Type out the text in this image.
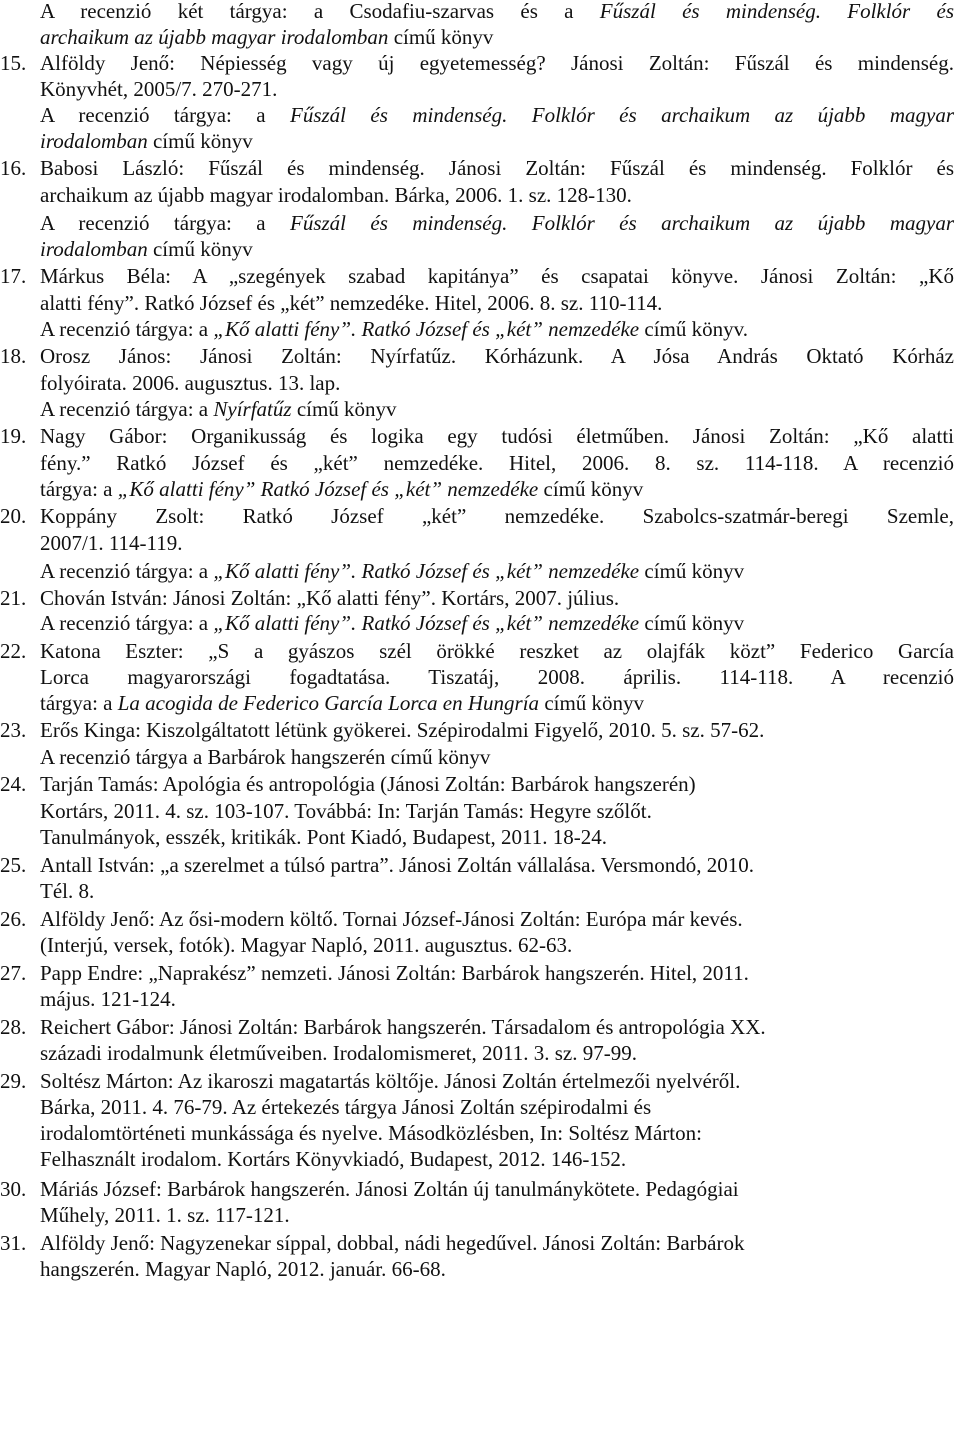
A recenzió két tárgya: a Csodafiu-szarvas és a Fűszál és mindenség. Folklór és
archaikum az újabb magyar irodalomban című könyv
15. Alföldy Jenő: Népiesség vagy új egyetemesség? Jánosi Zoltán: Fűszál és mindenség.
Könyvhét, 2005/7. 270-271.
A recenzió tárgya: a Fűszál és mindenség. Folklór és archaikum az újabb magyar
irodalomban című könyv
16. Babosi László: Fűszál és mindenség. Jánosi Zoltán: Fűszál és mindenség. Folklór és
archaikum az újabb magyar irodalomban. Bárka, 2006. 1. sz. 128-130.
A recenzió tárgya: a Fűszál és mindenség. Folklór és archaikum az újabb magyar
irodalomban című könyv
17. Márkus Béla: A „szegények szabad kapitánya” és csapatai könyve. Jánosi Zoltán: „Kő
alatti fény”. Ratkó József és „két” nemzedéke. Hitel, 2006. 8. sz. 110-114.
A recenzió tárgya: a „Kő alatti fény”. Ratkó József és „két” nemzedéke című könyv.
18. Orosz János: Jánosi Zoltán: Nyírfatűz. Kórházunk. A Jósa András Oktató Kórház
folyóirata. 2006. augusztus. 13. lap.
A recenzió tárgya: a Nyírfatűz című könyv
19. Nagy Gábor: Organikusság és logika egy tudósi életműben. Jánosi Zoltán: „Kő alatti
fény.” Ratkó József és „két” nemzedéke. Hitel, 2006. 8. sz. 114-118. A recenzió
tárgya: a „Kő alatti fény” Ratkó József és „két” nemzedéke című könyv
20. Koppány Zsolt: Ratkó József „két” nemzedéke. Szabolcs-szatmár-beregi Szemle,
2007/1. 114-119.
A recenzió tárgya: a „Kő alatti fény”. Ratkó József és „két” nemzedéke című könyv
21. Chován István: Jánosi Zoltán: „Kő alatti fény”. Kortárs, 2007. július.
A recenzió tárgya: a „Kő alatti fény”. Ratkó József és „két” nemzedéke című könyv
22. Katona Eszter: „S a gyászos szél örökké reszket az olajfák közt” Federico García
Lorca magyarországi fogadtatása. Tiszatáj, 2008. április. 114-118. A recenzió
tárgya: a La acogida de Federico García Lorca en Hungría című könyv
23. Erős Kinga: Kiszolgáltatott létünk gyökerei. Szépirodalmi Figyelő, 2010. 5. sz. 57-62.
A recenzió tárgya a Barbárok hangszerén című könyv
24. Tarján Tamás: Apológia és antropológia (Jánosi Zoltán: Barbárok hangszerén)
Kortárs, 2011. 4. sz. 103-107. Továbbá: In: Tarján Tamás: Hegyre szőlőt.
Tanulmányok, esszék, kritikák. Pont Kiadó, Budapest, 2011. 18-24.
25. Antall István: „a szerelmet a túlsó partra”. Jánosi Zoltán vállalása. Versmondó, 2010.
Tél. 8.
26. Alföldy Jenő: Az ősi-modern költő. Tornai József-Jánosi Zoltán: Európa már kevés.
(Interjú, versek, fotók). Magyar Napló, 2011. augusztus. 62-63.
27. Papp Endre: „Naprakész” nemzeti. Jánosi Zoltán: Barbárok hangszerén. Hitel, 2011.
május. 121-124.
28. Reichert Gábor: Jánosi Zoltán: Barbárok hangszerén. Társadalom és antropológia XX.
századi irodalmunk életműveiben. Irodalomismeret, 2011. 3. sz. 97-99.
29. Soltész Márton: Az ikaroszi magatartás költője. Jánosi Zoltán értelmezői nyelvéről.
Bárka, 2011. 4. 76-79. Az értekezés tárgya Jánosi Zoltán szépirodalmi és
irodalomtörténeti munkássága és nyelve. Másodközlésben, In: Soltész Márton:
Felhasznált irodalom. Kortárs Könyvkiadó, Budapest, 2012. 146-152.
30. Máriás József: Barbárok hangszerén. Jánosi Zoltán új tanulmánykötete. Pedagógiai
Műhely, 2011. 1. sz. 117-121.
31. Alföldy Jenő: Nagyzenekar síppal, dobbal, nádi hegedűvel. Jánosi Zoltán: Barbárok
hangszerén. Magyar Napló, 2012. január. 66-68.
